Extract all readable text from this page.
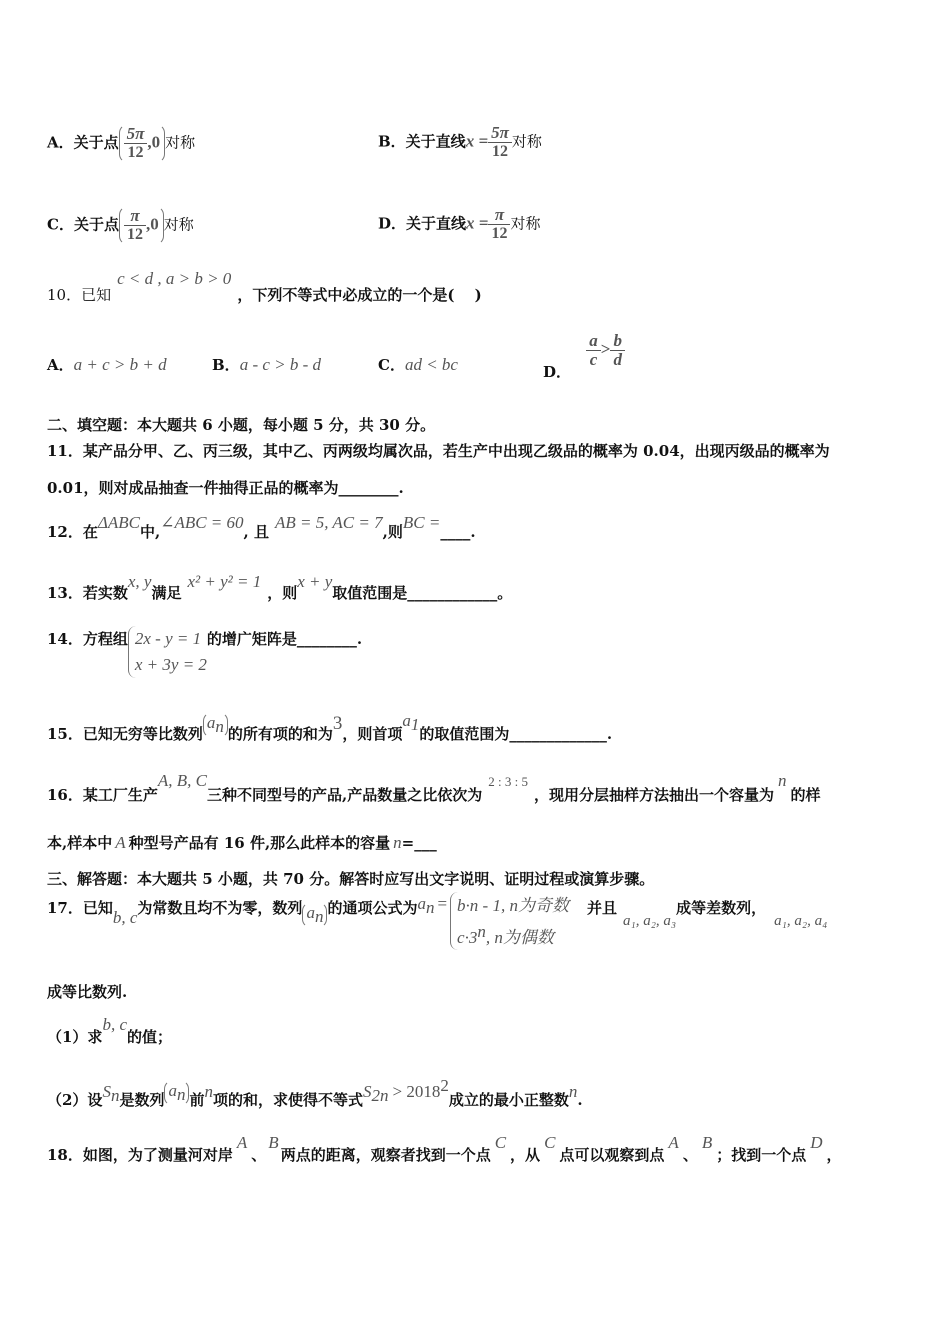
A．关于点 $\frac{5\pi}{12} ,0$ 对称	B．关于直线$x = \frac{5\pi}{12}$ 对称
C．关于点 $\frac{\pi}{12} ,0$ 对称	D．关于直线$x = \frac{\pi}{12}$ 对称
10．已知c < d , a > b > 0，下列不等式中必成立的一个是(　 )
A．a + c > b + d	B．a - c > b - d	C．ad < bc	D．
$\frac{a}{c} > \frac{b}{d}$
二、填空题：本大题共 6 小题，每小题 5 分，共 30 分。
11．某产品分甲、乙、丙三级，其中乙、丙两级均属次品，若生产中出现乙级品的概率为 0.04，出现丙级品的概率为
0.01，则对成品抽查一件抽得正品的概率为________.
12．在ΔABC中,∠ABC = 60, 且 AB = 5, AC = 7,则BC =____.
13．若实数x, y满足x² + y² = 1，则x + y取值范围是____________。
14．方程组 2x - y = 1
x + 3y = 2
的增广矩阵是________.
15．已知无穷等比数列$a_n$ 的所有项的和为3，则首项$a_1$的取值范围为_____________.
16．某工厂生产A, B, C三种不同型号的产品,产品数量之比依次为2 : 3 : 5，现用分层抽样方法抽出一个容量为n的样
本,样本中 A 种型号产品有 16 件,那么此样本的容量 n=___
三、解答题：本大题共 5 小题，共 70 分。解答时应写出文字说明、证明过程或演算步骤。
17．已知b, c为常数且均不为零，数列 $a_n$ 的通项公式为$a_n = b\cdot n - 1$, n为奇数
$c\cdot 3^n$, n为偶数
并且a₁, a₂, a₃成等差数列，a₁, a₂, a₄
成等比数列.
（1）求b, c的值；
（2）设$S_n$是数列 $a_n$ 前n项的和，求使得不等式$S_{2n} > 2018^2$成立的最小正整数n.
18．如图，为了测量河对岸A、B两点的距离，观察者找到一个点C，从C点可以观察到点A、B；找到一个点D，
